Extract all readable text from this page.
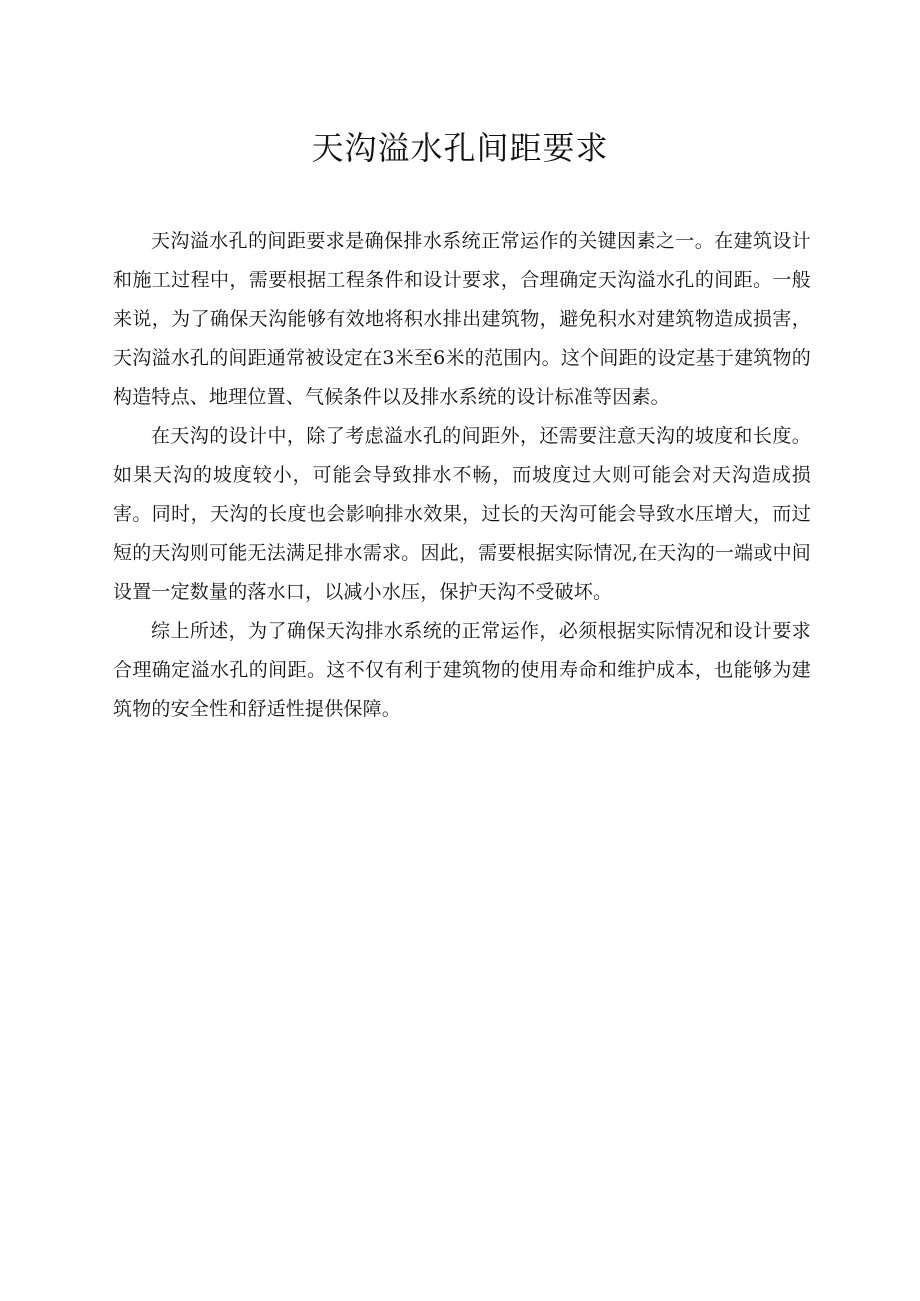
天沟溢水孔间距要求

天沟溢水孔的间距要求是确保排水系统正常运作的关键因素之一。在建筑设计和施工过程中，需要根据工程条件和设计要求，合理确定天沟溢水孔的间距。一般来说，为了确保天沟能够有效地将积水排出建筑物，避免积水对建筑物造成损害，天沟溢水孔的间距通常被设定在3米至6米的范围内。这个间距的设定基于建筑物的构造特点、地理位置、气候条件以及排水系统的设计标准等因素。

在天沟的设计中，除了考虑溢水孔的间距外，还需要注意天沟的坡度和长度。如果天沟的坡度较小，可能会导致排水不畅，而坡度过大则可能会对天沟造成损害。同时，天沟的长度也会影响排水效果，过长的天沟可能会导致水压增大，而过短的天沟则可能无法满足排水需求。因此，需要根据实际情况,在天沟的一端或中间设置一定数量的落水口，以减小水压，保护天沟不受破坏。

综上所述，为了确保天沟排水系统的正常运作，必须根据实际情况和设计要求合理确定溢水孔的间距。这不仅有利于建筑物的使用寿命和维护成本，也能够为建筑物的安全性和舒适性提供保障。
